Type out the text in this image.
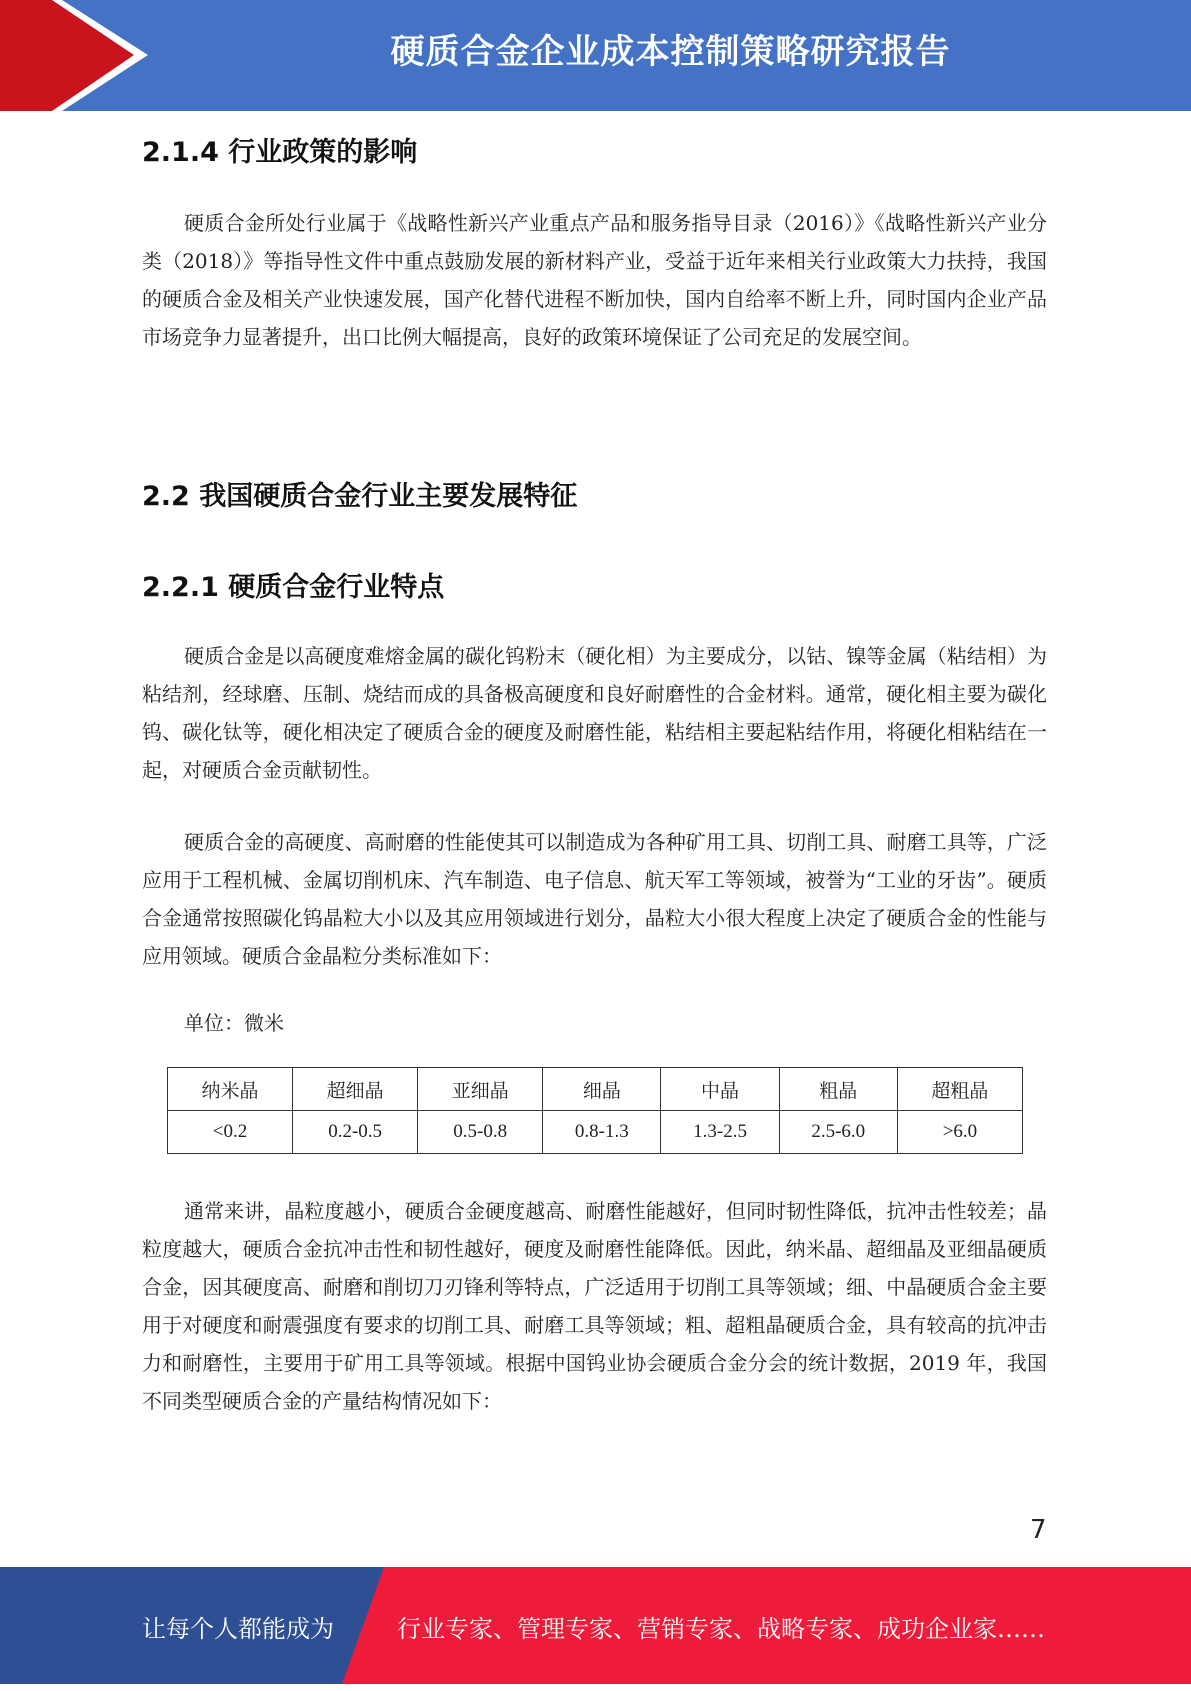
硬质合金企业成本控制策略研究报告
2.1.4 行业政策的影响

硬质合金所处行业属于《战略性新兴产业重点产品和服务指导目录（2016）》《战略性新兴产业分类（2018）》等指导性文件中重点鼓励发展的新材料产业，受益于近年来相关行业政策大力扶持，我国的硬质合金及相关产业快速发展，国产化替代进程不断加快，国内自给率不断上升，同时国内企业产品市场竞争力显著提升，出口比例大幅提高，良好的政策环境保证了公司充足的发展空间。

2.2 我国硬质合金行业主要发展特征
2.2.1 硬质合金行业特点

硬质合金是以高硬度难熔金属的碳化钨粉末（硬化相）为主要成分，以钴、镍等金属（粘结相）为粘结剂，经球磨、压制、烧结而成的具备极高硬度和良好耐磨性的合金材料。通常，硬化相主要为碳化钨、碳化钛等，硬化相决定了硬质合金的硬度及耐磨性能，粘结相主要起粘结作用，将硬化相粘结在一起，对硬质合金贡献韧性。

硬质合金的高硬度、高耐磨的性能使其可以制造成为各种矿用工具、切削工具、耐磨工具等，广泛应用于工程机械、金属切削机床、汽车制造、电子信息、航天军工等领域，被誉为“工业的牙齿”。硬质合金通常按照碳化钨晶粒大小以及其应用领域进行划分，晶粒大小很大程度上决定了硬质合金的性能与应用领域。硬质合金晶粒分类标准如下：

单位：微米
纳米晶	超细晶	亚细晶	细晶	中晶	粗晶	超粗晶
<0.2	0.2-0.5	0.5-0.8	0.8-1.3	1.3-2.5	2.5-6.0	>6.0

通常来讲，晶粒度越小，硬质合金硬度越高、耐磨性能越好，但同时韧性降低，抗冲击性较差；晶粒度越大，硬质合金抗冲击性和韧性越好，硬度及耐磨性能降低。因此，纳米晶、超细晶及亚细晶硬质合金，因其硬度高、耐磨和削切刀刃锋利等特点，广泛适用于切削工具等领域；细、中晶硬质合金主要用于对硬度和耐震强度有要求的切削工具、耐磨工具等领域；粗、超粗晶硬质合金，具有较高的抗冲击力和耐磨性，主要用于矿用工具等领域。根据中国钨业协会硬质合金分会的统计数据，2019 年，我国不同类型硬质合金的产量结构情况如下：

7
让每个人都能成为	行业专家、管理专家、营销专家、战略专家、成功企业家……
